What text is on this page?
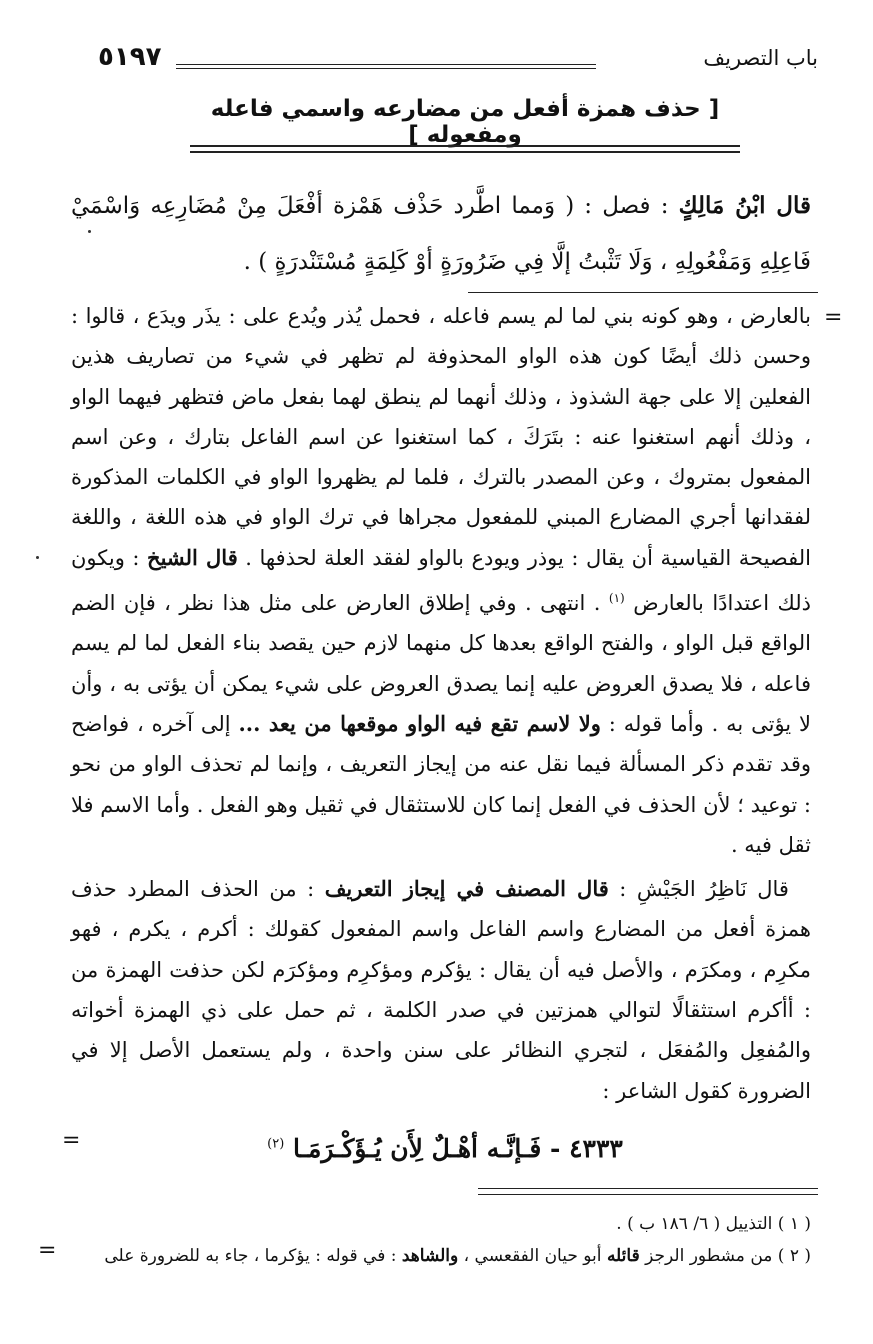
٥١٩٧	باب التصريف
[ حذف همزة أفعل من مضارعه واسمي فاعله ومفعوله ]
قال ابْنُ مَالِكٍ : فصل : ( وَمما اطَّرد حَذْف هَمْزة أفْعَلَ مِنْ مُضَارِعِه وَاسْمَيْ فَاعِلِهِ وَمَفْعُولِهِ ، وَلَا تَثْبتُ إلَّا فِي ضَرُورَةٍ أوْ كَلِمَةٍ مُسْتَنْدرَةٍ ) .
=
=
=

بالعارض ، وهو كونه بني لما لم يسم فاعله ، فحمل يُذر ويُدع على : يذَر ويدَع ، قالوا : وحسن ذلك أيضًا كون هذه الواو المحذوفة لم تظهر في شيء من تصاريف هذين الفعلين إلا على جهة الشذوذ ، وذلك أنهما لم ينطق لهما بفعل ماض فتظهر فيهما الواو ، وذلك أنهم استغنوا عنه : بتَرَكَ ، كما استغنوا عن اسم الفاعل بتارك ، وعن اسم المفعول بمتروك ، وعن المصدر بالترك ، فلما لم يظهروا الواو في الكلمات المذكورة لفقدانها أجري المضارع المبني للمفعول مجراها في ترك الواو في هذه اللغة ، واللغة الفصيحة القياسية أن يقال : يوذر ويودع بالواو لفقد العلة لحذفها . قال الشيخ : ويكون ذلك اعتدادًا بالعارض $^{(١)}$ . انتهى . وفي إطلاق العارض على مثل هذا نظر ، فإن الضم الواقع قبل الواو ، والفتح الواقع بعدها كل منهما لازم حين يقصد بناء الفعل لما لم يسم فاعله ، فلا يصدق العروض عليه إنما يصدق العروض على شيء يمكن أن يؤتى به ، وأن لا يؤتى به . وأما قوله : ولا لاسم تقع فيه الواو موقعها من يعد ... إلى آخره ، فواضح وقد تقدم ذكر المسألة فيما نقل عنه من إيجاز التعريف ، وإنما لم تحذف الواو من نحو : توعيد ؛ لأن الحذف في الفعل إنما كان للاستثقال في ثقيل وهو الفعل . وأما الاسم فلا ثقل فيه .

قال نَاظِرُ الجَيْشِ : قال المصنف في إيجاز التعريف : من الحذف المطرد حذف همزة أفعل من المضارع واسم الفاعل واسم المفعول كقولك : أكرم ، يكرم ، فهو مكرِم ، ومكرَم ، والأصل فيه أن يقال : يؤكرم ومؤكرِم ومؤكرَم لكن حذفت الهمزة من : أأكرم استثقالًا لتوالي همزتين في صدر الكلمة ، ثم حمل على ذي الهمزة أخواته والمُفعِل والمُفعَل ، لتجري النظائر على سنن واحدة ، ولم يستعمل الأصل إلا في الضرورة كقول الشاعر :

٤٣٣٣ - فَـإنَّـه أهْـلٌ لِأَن يُـؤَكْـرَمَـا $^{(٢)}$

( ١ ) التذييل ( ٦/ ١٨٦ ب ) .

( ٢ ) من مشطور الرجز قائله أبو حيان الفقعسي ، والشاهد : في قوله : يؤكرما ، جاء به للضرورة على
